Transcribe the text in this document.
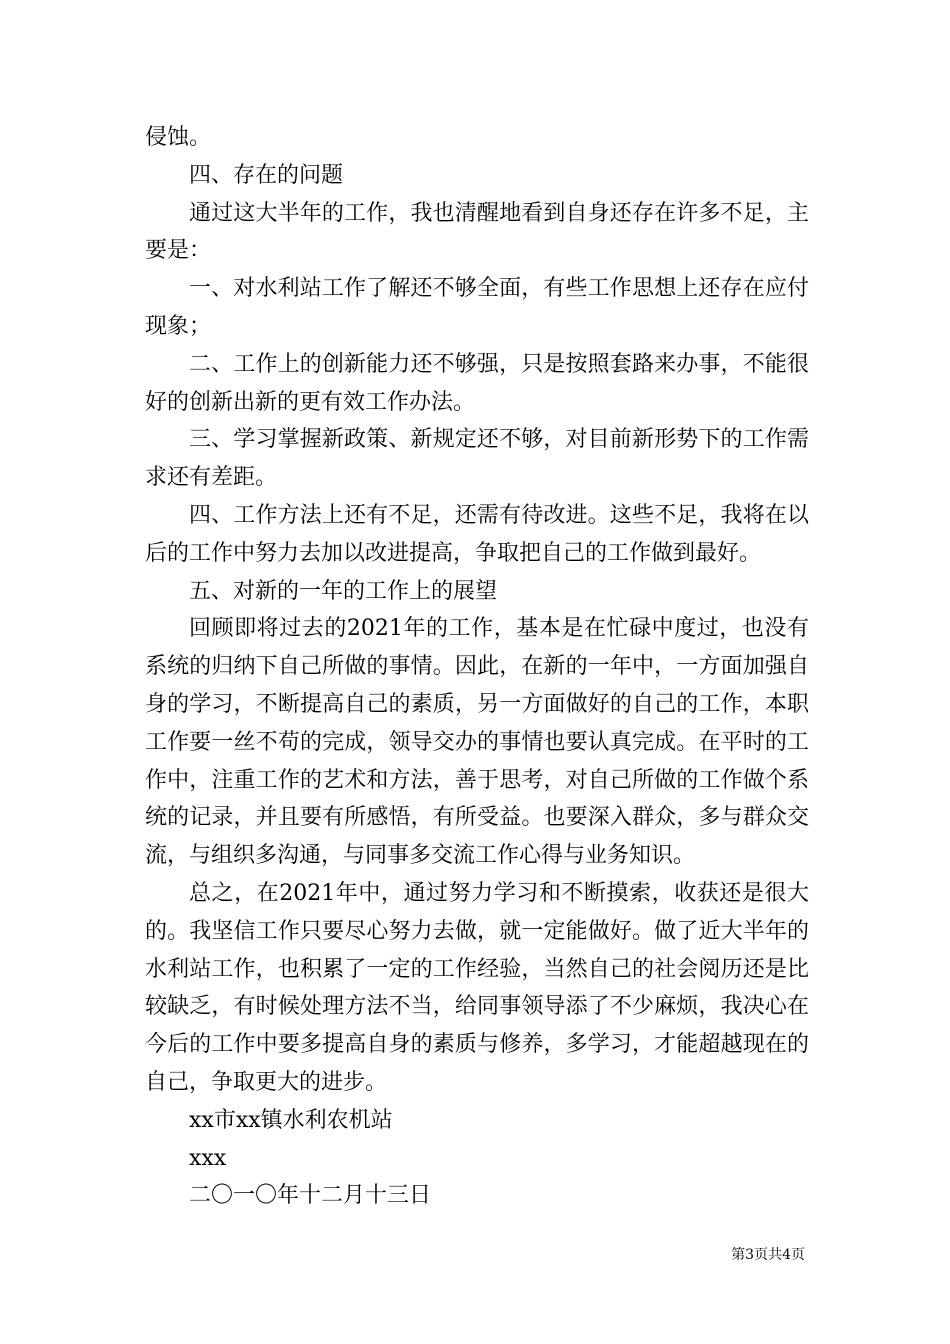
侵蚀。

四、存在的问题

通过这大半年的工作，我也清醒地看到自身还存在许多不足，主要是：

一、对水利站工作了解还不够全面，有些工作思想上还存在应付现象；

二、工作上的创新能力还不够强，只是按照套路来办事，不能很好的创新出新的更有效工作办法。

三、学习掌握新政策、新规定还不够，对目前新形势下的工作需求还有差距。

四、工作方法上还有不足，还需有待改进。这些不足，我将在以后的工作中努力去加以改进提高，争取把自己的工作做到最好。

五、对新的一年的工作上的展望

回顾即将过去的2021年的工作，基本是在忙碌中度过，也没有系统的归纳下自己所做的事情。因此，在新的一年中，一方面加强自身的学习，不断提高自己的素质，另一方面做好的自己的工作，本职工作要一丝不苟的完成，领导交办的事情也要认真完成。在平时的工作中，注重工作的艺术和方法，善于思考，对自己所做的工作做个系统的记录，并且要有所感悟，有所受益。也要深入群众，多与群众交流，与组织多沟通，与同事多交流工作心得与业务知识。

总之，在2021年中，通过努力学习和不断摸索，收获还是很大的。我坚信工作只要尽心努力去做，就一定能做好。做了近大半年的水利站工作，也积累了一定的工作经验，当然自己的社会阅历还是比较缺乏，有时候处理方法不当，给同事领导添了不少麻烦，我决心在今后的工作中要多提高自身的素质与修养，多学习，才能超越现在的自己，争取更大的进步。

xx市xx镇水利农机站

xxx

二〇一〇年十二月十三日

第3页共4页
